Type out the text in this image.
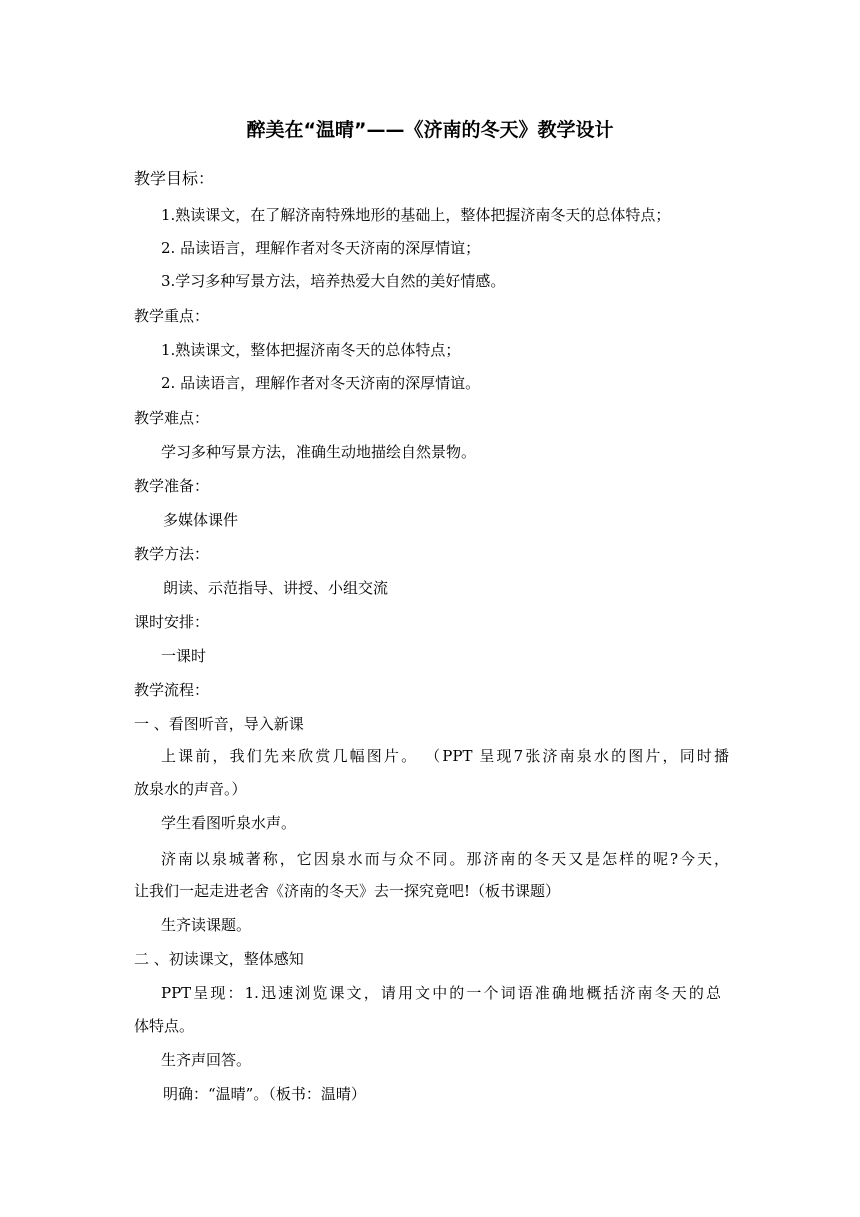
醉美在“温晴”——《济南的冬天》教学设计
教学目标：
1.熟读课文，在了解济南特殊地形的基础上，整体把握济南冬天的总体特点；
2. 品读语言，理解作者对冬天济南的深厚情谊；
3.学习多种写景方法，培养热爱大自然的美好情感。
教学重点：
1.熟读课文，整体把握济南冬天的总体特点；
2. 品读语言，理解作者对冬天济南的深厚情谊。
教学难点：
学习多种写景方法，准确生动地描绘自然景物。
教学准备：
多媒体课件
教学方法：
朗读、示范指导、讲授、小组交流
课时安排：
一课时
教学流程：
一 、看图听音，导入新课
上课前，我们先来欣赏几幅图片。 （PPT 呈现7张济南泉水的图片，同时播
放泉水的声音。）
学生看图听泉水声。
济南以泉城著称，它因泉水而与众不同。那济南的冬天又是怎样的呢?今天，
让我们一起走进老舍《济南的冬天》去一探究竟吧!（板书课题）
生齐读课题。
二 、初读课文，整体感知
PPT呈现：1.迅速浏览课文，请用文中的一个词语准确地概括济南冬天的总
体特点。
生齐声回答。
明确：“温晴”。（板书：温晴）
